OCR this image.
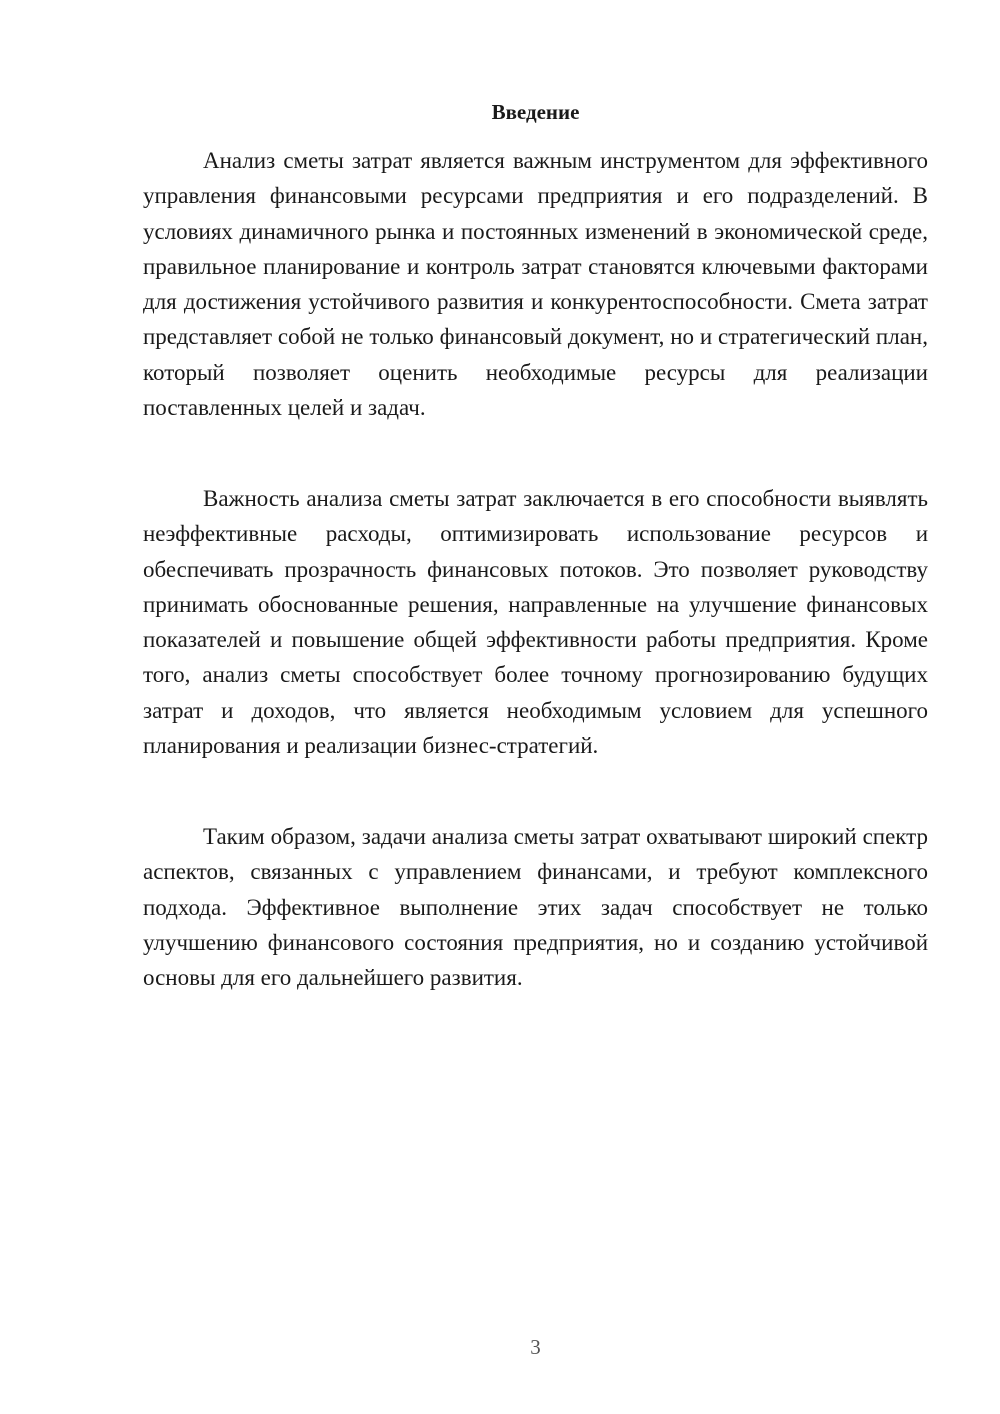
Введение

Анализ сметы затрат является важным инструментом для эффективного управления финансовыми ресурсами предприятия и его подразделений. В условиях динамичного рынка и постоянных изменений в экономической среде, правильное планирование и контроль затрат становятся ключевыми факторами для достижения устойчивого развития и конкурентоспособности. Смета затрат представляет собой не только финансовый документ, но и стратегический план, который позволяет оценить необходимые ресурсы для реализации поставленных целей и задач.

Важность анализа сметы затрат заключается в его способности выявлять неэффективные расходы, оптимизировать использование ресурсов и обеспечивать прозрачность финансовых потоков. Это позволяет руководству принимать обоснованные решения, направленные на улучшение финансовых показателей и повышение общей эффективности работы предприятия. Кроме того, анализ сметы способствует более точному прогнозированию будущих затрат и доходов, что является необходимым условием для успешного планирования и реализации бизнес-стратегий.

Таким образом, задачи анализа сметы затрат охватывают широкий спектр аспектов, связанных с управлением финансами, и требуют комплексного подхода. Эффективное выполнение этих задач способствует не только улучшению финансового состояния предприятия, но и созданию устойчивой основы для его дальнейшего развития.

3
